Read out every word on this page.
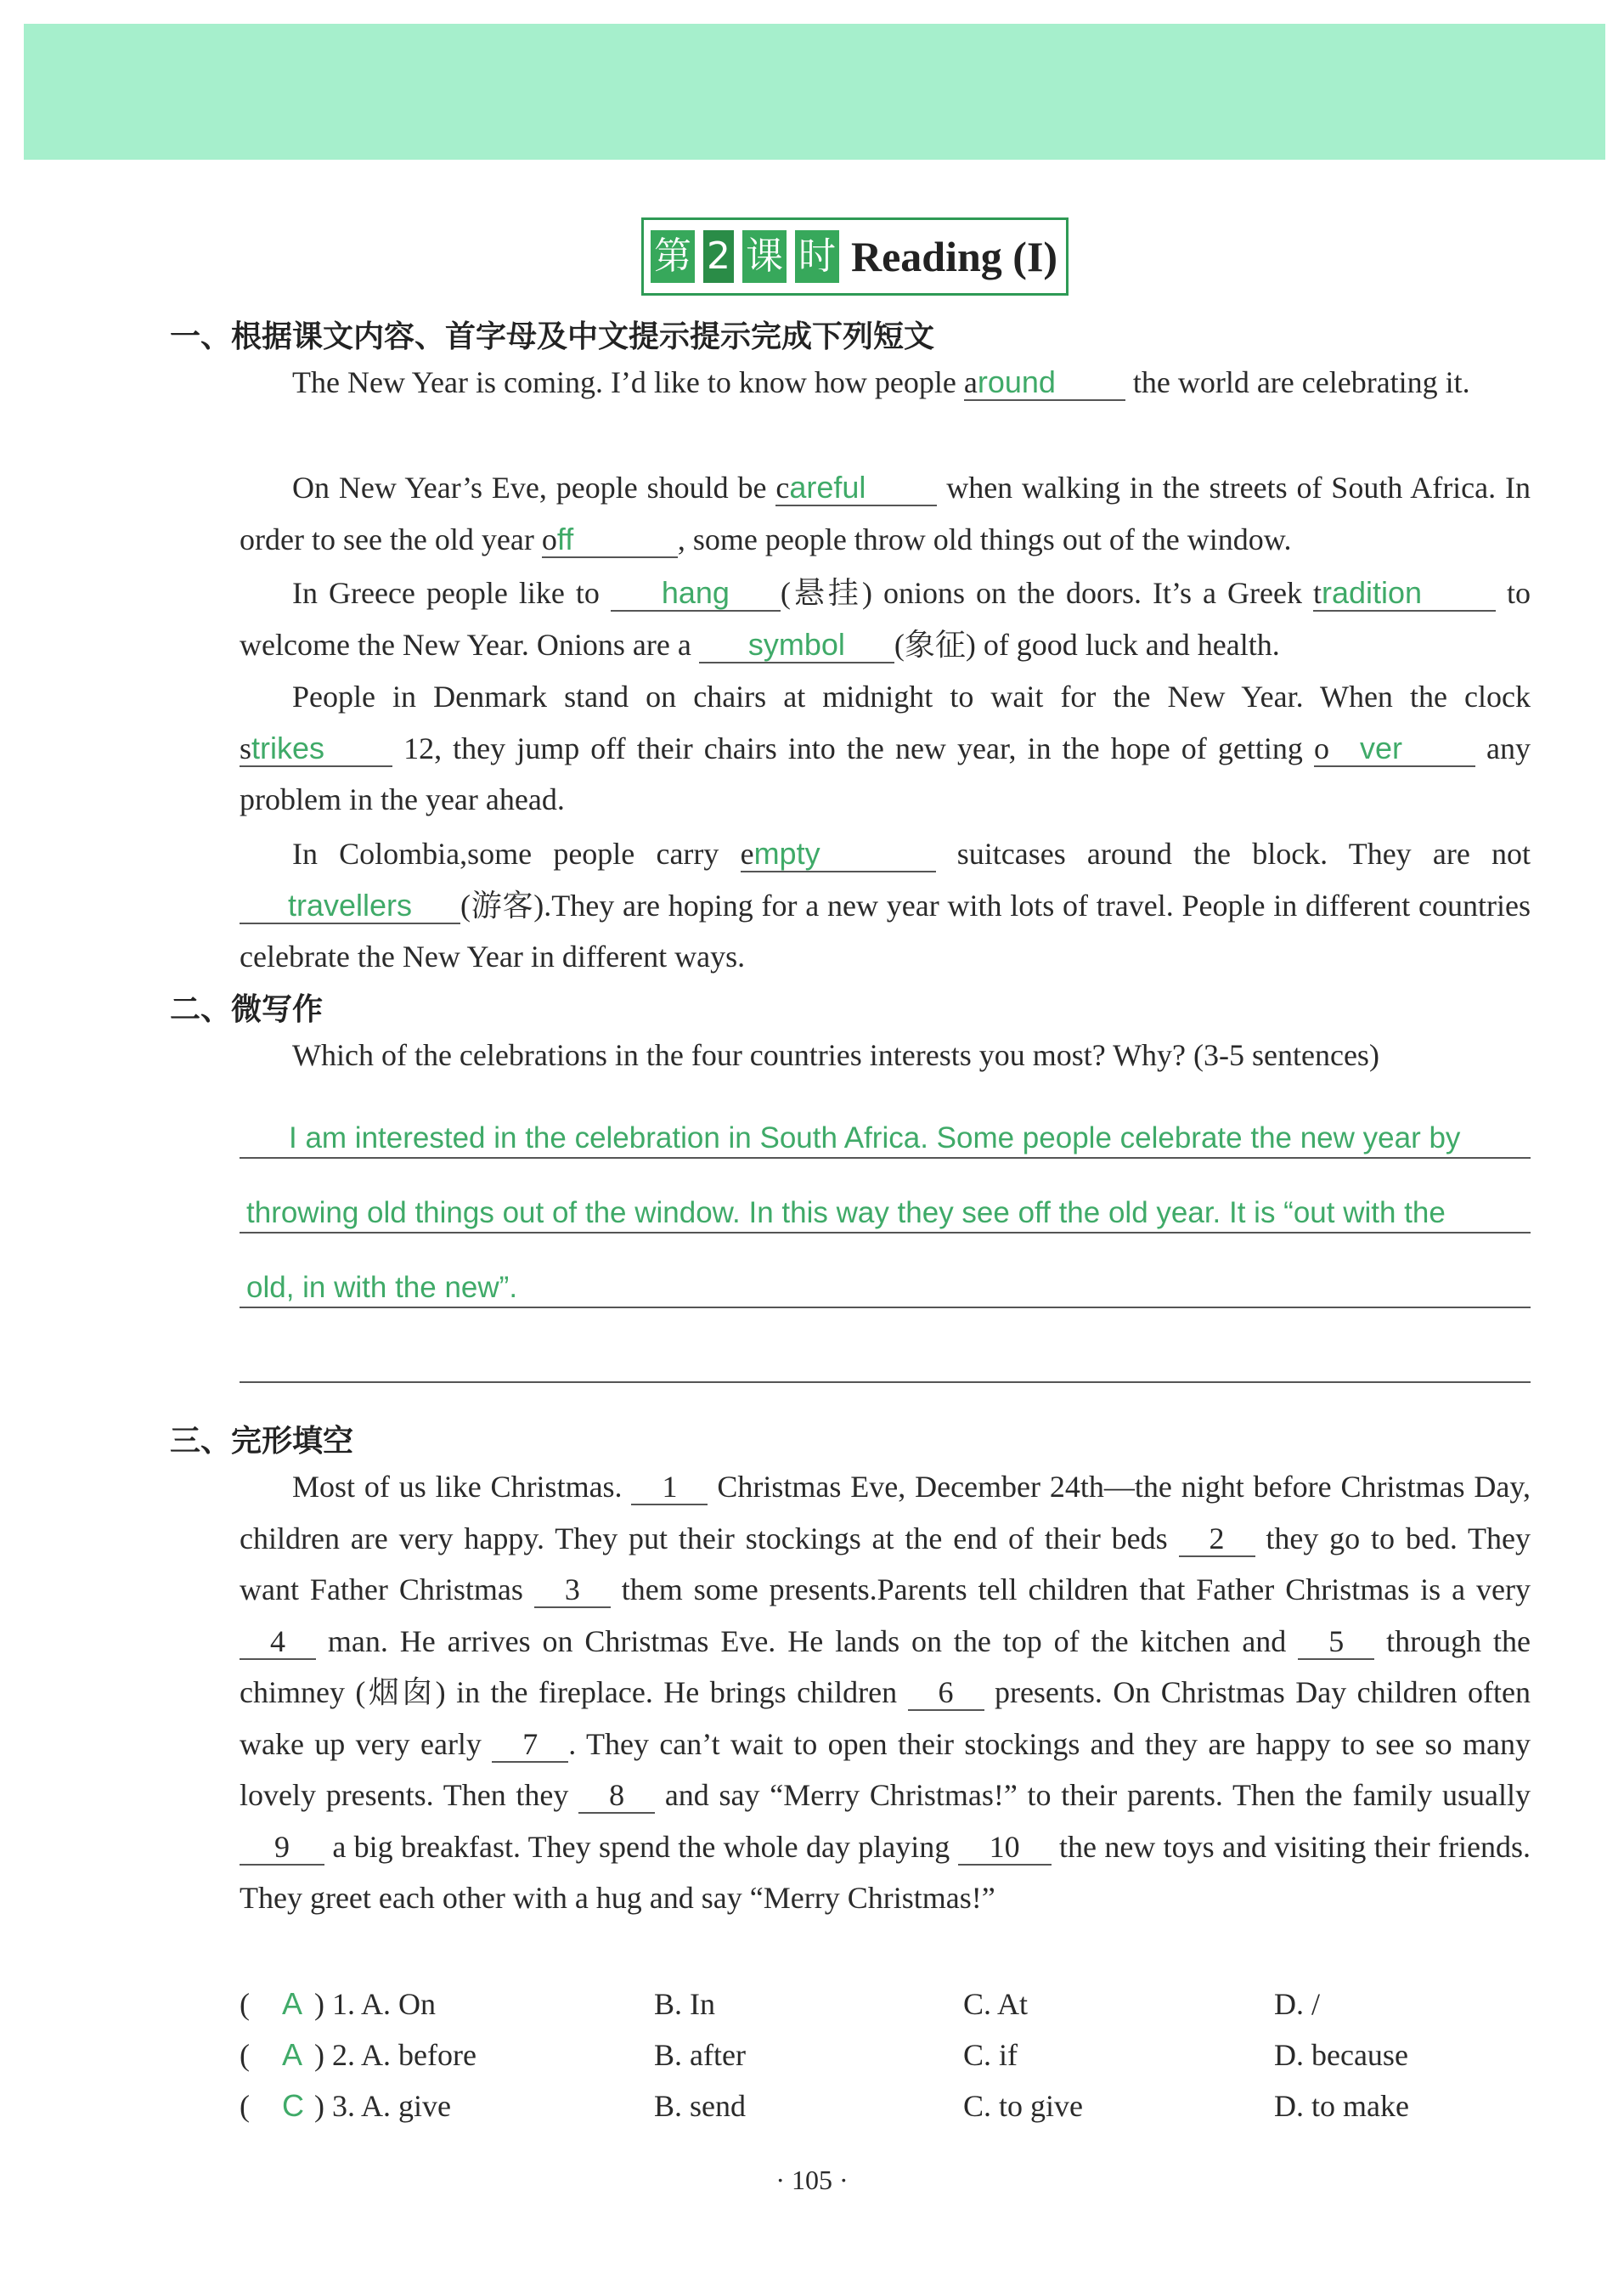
第 2 课 时 Reading (I)
一、根据课文内容、首字母及中文提示提示完成下列短文
The New Year is coming. I’d like to know how people around the world are celebrating it.
On New Year’s Eve, people should be careful when walking in the streets of South Africa. In order to see the old year off	, some people throw old things out of the window.
In Greece people like to hang (悬挂) onions on the doors. It’s a Greek tradition to welcome the New Year. Onions are a symbol (象征) of good luck and health.
People in Denmark stand on chairs at midnight to wait for the New Year. When the clock strikes 12, they jump off their chairs into the new year, in the hope of getting o ver any problem in the year ahead.
In Colombia,some people carry empty	suitcases around the block. They are not travellers (游客).They are hoping for a new year with lots of travel. People in different countries celebrate the New Year in different ways.
二、微写作
Which of the celebrations in the four countries interests you most? Why? (3-5 sentences)
I am interested in the celebration in South Africa. Some people celebrate the new year by
throwing old things out of the window. In this way they see off the old year. It is “out with the
old, in with the new”.
三、完形填空
Most of us like Christmas. 1 Christmas Eve, December 24th—the night before Christmas Day, children are very happy. They put their stockings at the end of their beds 2 they go to bed. They want Father Christmas 3 them some presents.Parents tell children that Father Christmas is a very 4 man. He arrives on Christmas Eve. He lands on the top of the kitchen and 5 through the chimney (烟囱) in the fireplace. He brings children 6 presents. On Christmas Day children often wake up very early 7 . They can’t wait to open their stockings and they are happy to see so many lovely presents. Then they 8 and say “Merry Christmas!” to their parents. Then the family usually 9 a big breakfast. They spend the whole day playing 10 the new toys and visiting their friends. They greet each other with a hug and say “Merry Christmas!”
( A ) 1. A. On	B. In	C. At	D. /
( A ) 2. A. before	B. after	C. if	D. because
( C ) 3. A. give	B. send	C. to give	D. to make
· 105 ·
